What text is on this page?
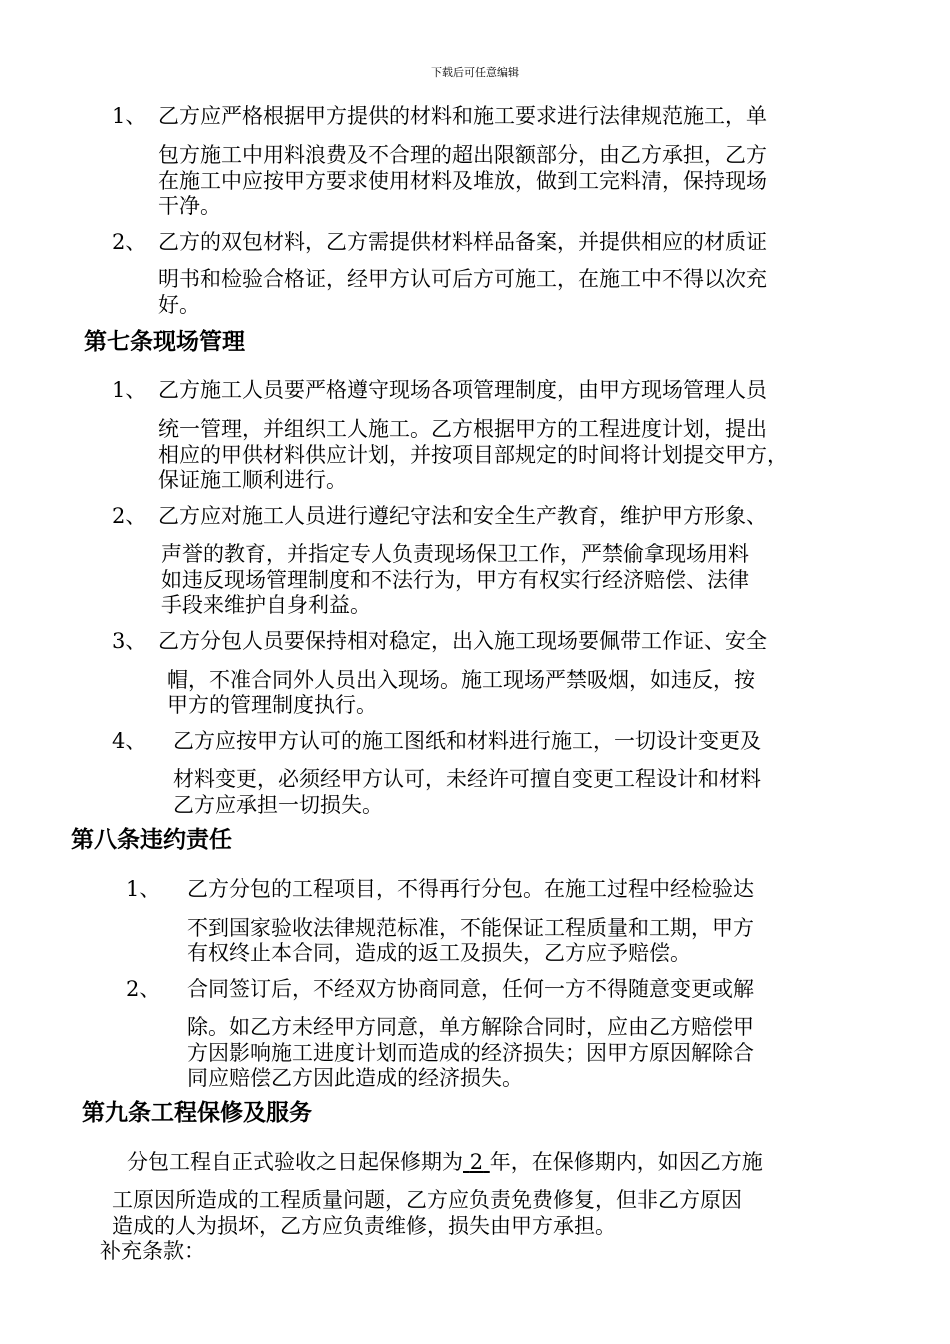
下载后可任意编辑
1、 乙方应严格根据甲方提供的材料和施工要求进行法律规范施工，单
包方施工中用料浪费及不合理的超出限额部分，由乙方承担，乙方
在施工中应按甲方要求使用材料及堆放，做到工完料清，保持现场
干净。
2、 乙方的双包材料，乙方需提供材料样品备案，并提供相应的材质证
明书和检验合格证，经甲方认可后方可施工，在施工中不得以次充
好。
第七条现场管理
1、 乙方施工人员要严格遵守现场各项管理制度，由甲方现场管理人员
统一管理，并组织工人施工。乙方根据甲方的工程进度计划，提出
相应的甲供材料供应计划，并按项目部规定的时间将计划提交甲方，
保证施工顺利进行。
2、 乙方应对施工人员进行遵纪守法和安全生产教育，维护甲方形象、
声誉的教育，并指定专人负责现场保卫工作，严禁偷拿现场用料
如违反现场管理制度和不法行为，甲方有权实行经济赔偿、法律
手段来维护自身利益。
3、 乙方分包人员要保持相对稳定，出入施工现场要佩带工作证、安全
帽，不准合同外人员出入现场。施工现场严禁吸烟，如违反，按
甲方的管理制度执行。
4、 乙方应按甲方认可的施工图纸和材料进行施工，一切设计变更及
材料变更，必须经甲方认可，未经许可擅自变更工程设计和材料
乙方应承担一切损失。
第八条违约责任
1、 乙方分包的工程项目，不得再行分包。在施工过程中经检验达
不到国家验收法律规范标准，不能保证工程质量和工期，甲方
有权终止本合同，造成的返工及损失，乙方应予赔偿。
2、 合同签订后，不经双方协商同意，任何一方不得随意变更或解
除。如乙方未经甲方同意，单方解除合同时，应由乙方赔偿甲
方因影响施工进度计划而造成的经济损失；因甲方原因解除合
同应赔偿乙方因此造成的经济损失。
第九条工程保修及服务
分包工程自正式验收之日起保修期为 2 年，在保修期内，如因乙方施
工原因所造成的工程质量问题，乙方应负责免费修复，但非乙方原因
造成的人为损坏，乙方应负责维修，损失由甲方承担。
补充条款：
